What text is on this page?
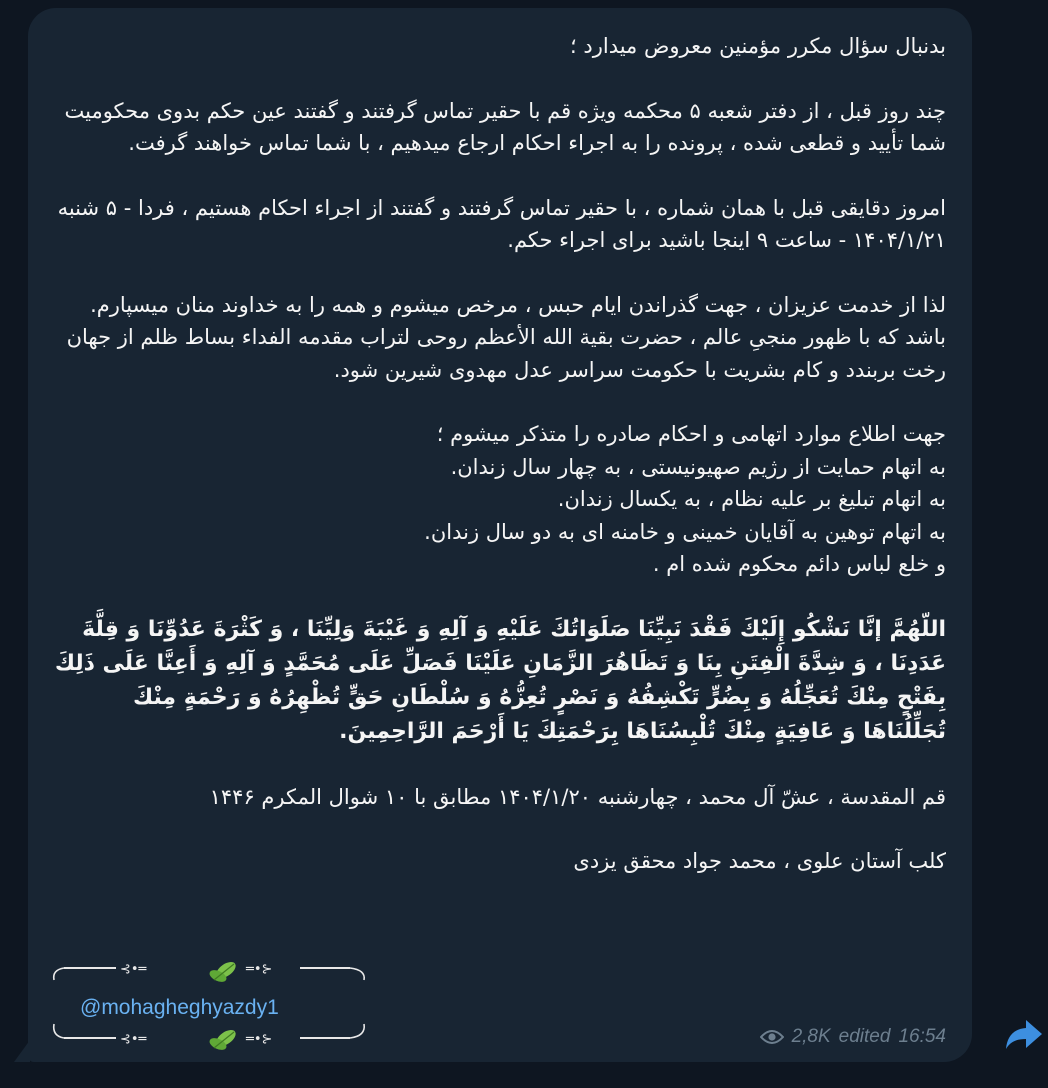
بدنبال سؤال مکرر مؤمنین معروض میدارد ؛

چند روز قبل ، از دفتر شعبه ۵ محکمه ویژه قم با حقیر تماس گرفتند و گفتند عین حکم بدوی محکومیت شما تأیید و قطعی شده ، پرونده را به اجراء احکام ارجاع میدهیم ، با شما تماس خواهند گرفت.

امروز دقایقی قبل با همان شماره ، با حقیر تماس گرفتند و گفتند از اجراء احکام هستیم ، فردا - ۵ شنبه ۱۴۰۴/۱/۲۱ - ساعت ۹ اینجا باشید برای اجراء حکم.

لذا از خدمت عزیزان ، جهت گذراندن ایام حبس ، مرخص میشوم و همه را به خداوند منان میسپارم.
باشد که با ظهور منجیِ عالم ، حضرت بقیة الله الأعظم روحی لتراب مقدمه الفداء بساط ظلم از جهان رخت بربندد و کام بشریت با حکومت سراسر عدل مهدوی شیرین شود.

جهت اطلاع موارد اتهامی و احکام صادره را متذکر میشوم ؛
به اتهام حمایت از رژیم صهیونیستی ، به چهار سال زندان.
به اتهام تبلیغ بر علیه نظام ، به یکسال زندان.
به اتهام توهین به آقایان خمینی و خامنه ای به دو سال زندان.
و خلع لباس دائم محکوم شده ام .

اللّهُمَّ إنَّا نَشْكُو إِلَيْكَ فَقْدَ نَبِيِّنَا صَلَوَاتُكَ عَلَيْهِ وَ آلِهِ وَ غَيْبَةَ وَلِيِّنَا ، وَ كَثْرَةَ عَدُوِّنَا وَ قِلَّةَ عَدَدِنَا ، وَ شِدَّةَ الْفِتَنِ بِنَا وَ تَظَاهُرَ الزَّمَانِ عَلَيْنَا فَصَلِّ عَلَى مُحَمَّدٍ وَ آلِهِ وَ أَعِنَّا عَلَى ذَلِكَ بِفَتْحٍ مِنْكَ تُعَجِّلُهُ وَ بِضُرٍّ تَكْشِفُهُ وَ نَصْرٍ تُعِزُّهُ وَ سُلْطَانِ حَقٍّ تُظْهِرُهُ وَ رَحْمَةٍ مِنْكَ تُجَلِّلُنَاهَا وَ عَافِيَةٍ مِنْكَ تُلْبِسُنَاهَا بِرَحْمَتِكَ يَا أَرْحَمَ الرَّاحِمِينَ.

قم المقدسة ، عشّ آل محمد ، چهارشنبه ۱۴۰۴/۱/۲۰ مطابق با ۱۰ شوال المکرم ۱۴۴۶

کلب آستان علوی ، محمد جواد محقق یزدی

⊰•═	═•⊱
@mohagheghyazdy1
⊰•═	═•⊱	2,8K edited 16:54
